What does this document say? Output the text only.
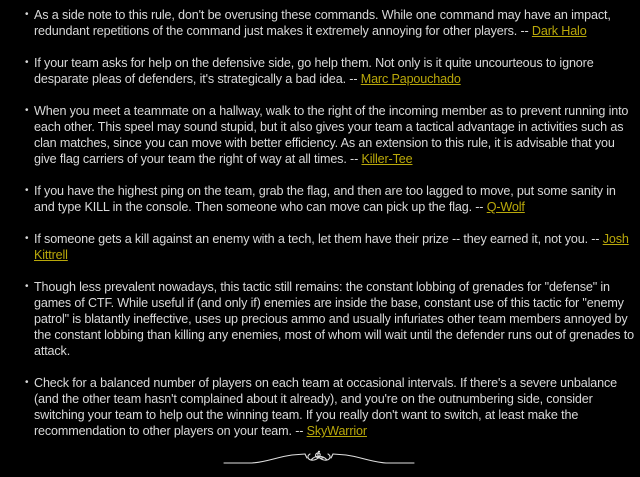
• As a side note to this rule, don't be overusing these commands. While one command may have an impact, redundant repetitions of the command just makes it extremely annoying for other players. -- Dark Halo
• If your team asks for help on the defensive side, go help them. Not only is it quite uncourteous to ignore desparate pleas of defenders, it's strategically a bad idea. -- Marc Papouchado
• When you meet a teammate on a hallway, walk to the right of the incoming member as to prevent running into each other. This speel may sound stupid, but it also gives your team a tactical advantage in activities such as clan matches, since you can move with better efficiency. As an extension to this rule, it is advisable that you give flag carriers of your team the right of way at all times. -- Killer-Tee
• If you have the highest ping on the team, grab the flag, and then are too lagged to move, put some sanity in and type KILL in the console. Then someone who can move can pick up the flag. -- Q-Wolf
• If someone gets a kill against an enemy with a tech, let them have their prize -- they earned it, not you. -- Josh Kittrell
• Though less prevalent nowadays, this tactic still remains: the constant lobbing of grenades for "defense" in games of CTF. While useful if (and only if) enemies are inside the base, constant use of this tactic for "enemy patrol" is blatantly ineffective, uses up precious ammo and usually infuriates other team members annoyed by the constant lobbing than killing any enemies, most of whom will wait until the defender runs out of grenades to attack.
• Check for a balanced number of players on each team at occasional intervals. If there's a severe unbalance (and the other team hasn't complained about it already), and you're on the outnumbering side, consider switching your team to help out the winning team. If you really don't want to switch, at least make the recommendation to other players on your team. -- SkyWarrior
